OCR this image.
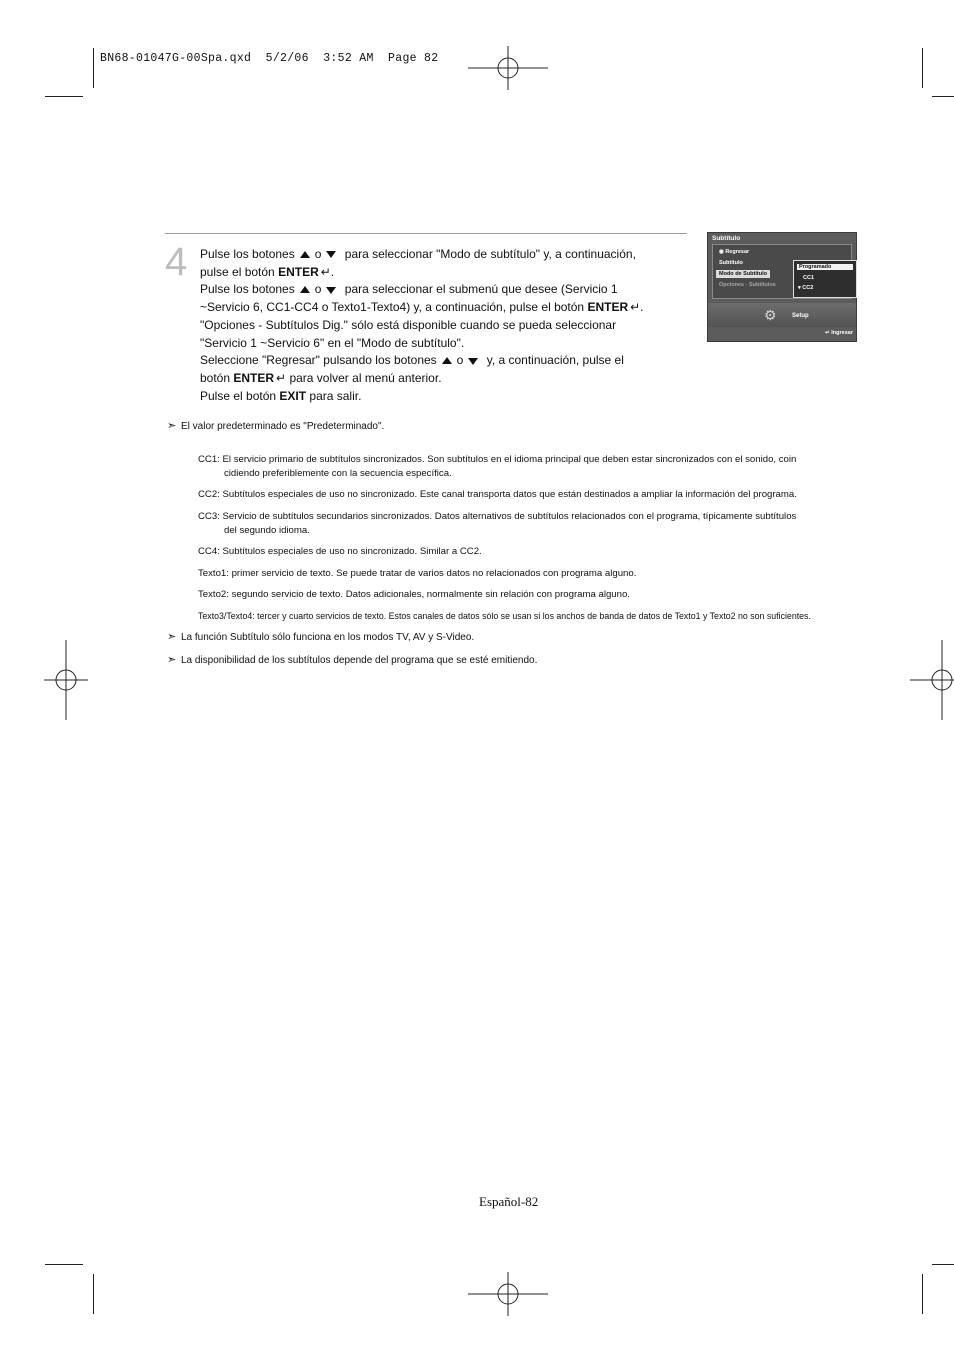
BN68-01047G-00Spa.qxd  5/2/06  3:52 AM  Page 82
4 Pulse los botones o para seleccionar "Modo de subtítulo" y, a continuación,

pulse el botón ENTER ↵.

Pulse los botones o para seleccionar el submenú que desee (Servicio 1

~Servicio 6, CC1-CC4 o Texto1-Texto4) y, a continuación, pulse el botón ENTER ↵.

"Opciones - Subtítulos Dig." sólo está disponible cuando se pueda seleccionar

"Servicio 1 ~Servicio 6" en el "Modo de subtítulo".

Seleccione "Regresar" pulsando los botones o y, a continuación, pulse el

botón ENTER ↵ para volver al menú anterior.

Pulse el botón EXIT para salir.

Subtítulo
◉ Regresar
Subtítulo
Modo de Subtítulo
Opciones - Subtítulos
Programado
CC1
▾ CC2
⚙	Setup
↵ Ingresar
➣ El valor predeterminado es "Predeterminado".
CC1: El servicio primario de subtítulos sincronizados. Son subtítulos en el idioma principal que deben estar sincronizados con el sonido, coin
cidiendo preferiblemente con la secuencia específica.
CC2: Subtítulos especiales de uso no sincronizado. Este canal transporta datos que están destinados a ampliar la información del programa.
CC3: Servicio de subtítulos secundarios sincronizados. Datos alternativos de subtítulos relacionados con el programa, típicamente subtítulos
del segundo idioma.
CC4: Subtítulos especiales de uso no sincronizado. Similar a CC2.
Texto1: primer servicio de texto. Se puede tratar de varios datos no relacionados con programa alguno.
Texto2: segundo servicio de texto. Datos adicionales, normalmente sin relación con programa alguno.
Texto3/Texto4: tercer y cuarto servicios de texto. Estos canales de datos sólo se usan si los anchos de banda de datos de Texto1 y Texto2 no son suficientes.
➣ La función Subtítulo sólo funciona en los modos TV, AV y S-Video.
➣ La disponibilidad de los subtítulos depende del programa que se esté emitiendo.
Español-82
